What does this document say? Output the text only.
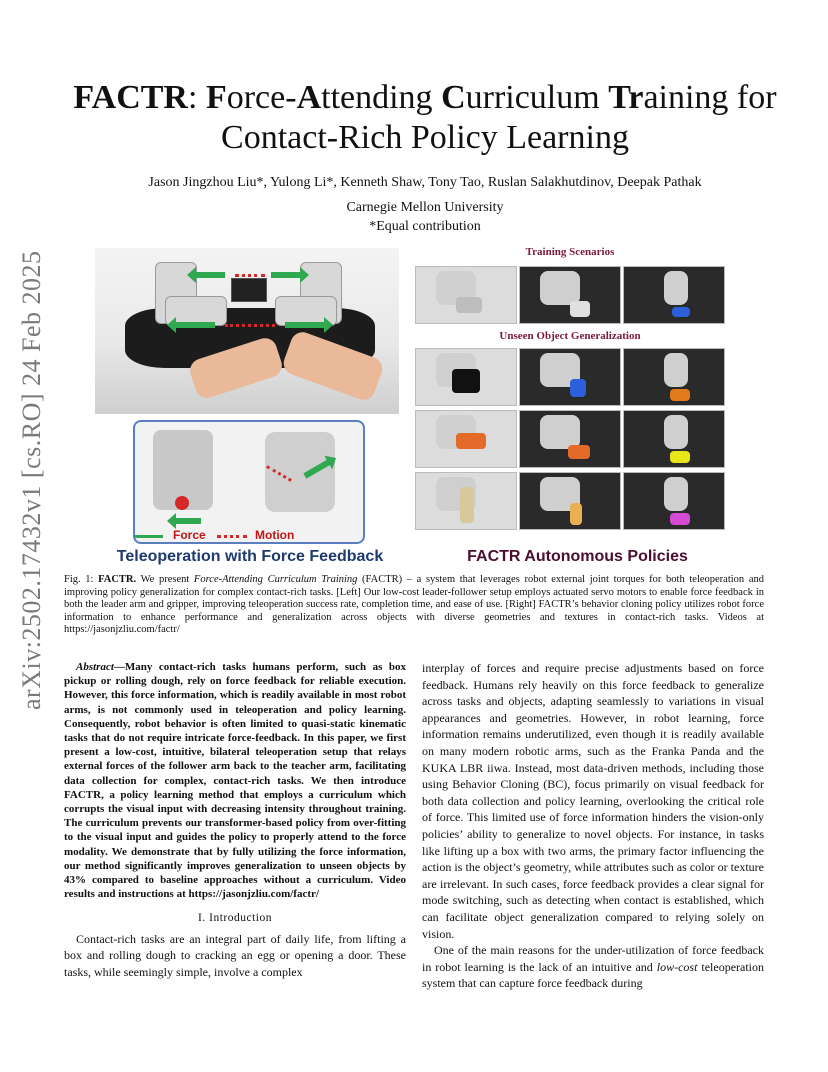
arXiv:2502.17432v1 [cs.RO] 24 Feb 2025
FACTR: Force-Attending Curriculum Training for
Contact-Rich Policy Learning
Jason Jingzhou Liu*, Yulong Li*, Kenneth Shaw, Tony Tao, Ruslan Salakhutdinov, Deepak Pathak
Carnegie Mellon University
*Equal contribution
Force	Motion
Training Scenarios
Unseen Object Generalization
Teleoperation with Force Feedback	FACTR Autonomous Policies
Fig. 1: FACTR. We present Force-Attending Curriculum Training (FACTR) – a system that leverages robot external joint torques for both teleoperation and improving policy generalization for complex contact-rich tasks. [Left] Our low-cost leader-follower setup employs actuated servo motors to enable force feedback in both the leader arm and gripper, improving teleoperation success rate, completion time, and ease of use. [Right] FACTR’s behavior cloning policy utilizes robot force information to enhance performance and generalization across objects with diverse geometries and textures in contact-rich tasks. Videos at https://jasonjzliu.com/factr/
Abstract—Many contact-rich tasks humans perform, such as box pickup or rolling dough, rely on force feedback for reliable execution. However, this force information, which is readily available in most robot arms, is not commonly used in teleoperation and policy learning. Consequently, robot behavior is often limited to quasi-static kinematic tasks that do not require intricate force-feedback. In this paper, we first present a low-cost, intuitive, bilateral teleoperation setup that relays external forces of the follower arm back to the teacher arm, facilitating data collection for complex, contact-rich tasks. We then introduce FACTR, a policy learning method that employs a curriculum which corrupts the visual input with decreasing intensity throughout training. The curriculum prevents our transformer-based policy from over-fitting to the visual input and guides the policy to properly attend to the force modality. We demonstrate that by fully utilizing the force information, our method significantly improves generalization to unseen objects by 43% compared to baseline approaches without a curriculum. Video results and instructions at https://jasonjzliu.com/factr/
I. Introduction

Contact-rich tasks are an integral part of daily life, from lifting a box and rolling dough to cracking an egg or opening a door. These tasks, while seemingly simple, involve a complex

interplay of forces and require precise adjustments based on force feedback. Humans rely heavily on this force feedback to generalize across tasks and objects, adapting seamlessly to variations in visual appearances and geometries. However, in robot learning, force information remains underutilized, even though it is readily available on many modern robotic arms, such as the Franka Panda and the KUKA LBR iiwa. Instead, most data-driven methods, including those using Behavior Cloning (BC), focus primarily on visual feedback for both data collection and policy learning, overlooking the critical role of force. This limited use of force information hinders the vision-only policies’ ability to generalize to novel objects. For instance, in tasks like lifting up a box with two arms, the primary factor influencing the action is the object’s geometry, while attributes such as color or texture are irrelevant. In such cases, force feedback provides a clear signal for mode switching, such as detecting when contact is established, which can facilitate object generalization compared to relying solely on vision.

One of the main reasons for the under-utilization of force feedback in robot learning is the lack of an intuitive and low-cost teleoperation system that can capture force feedback during
